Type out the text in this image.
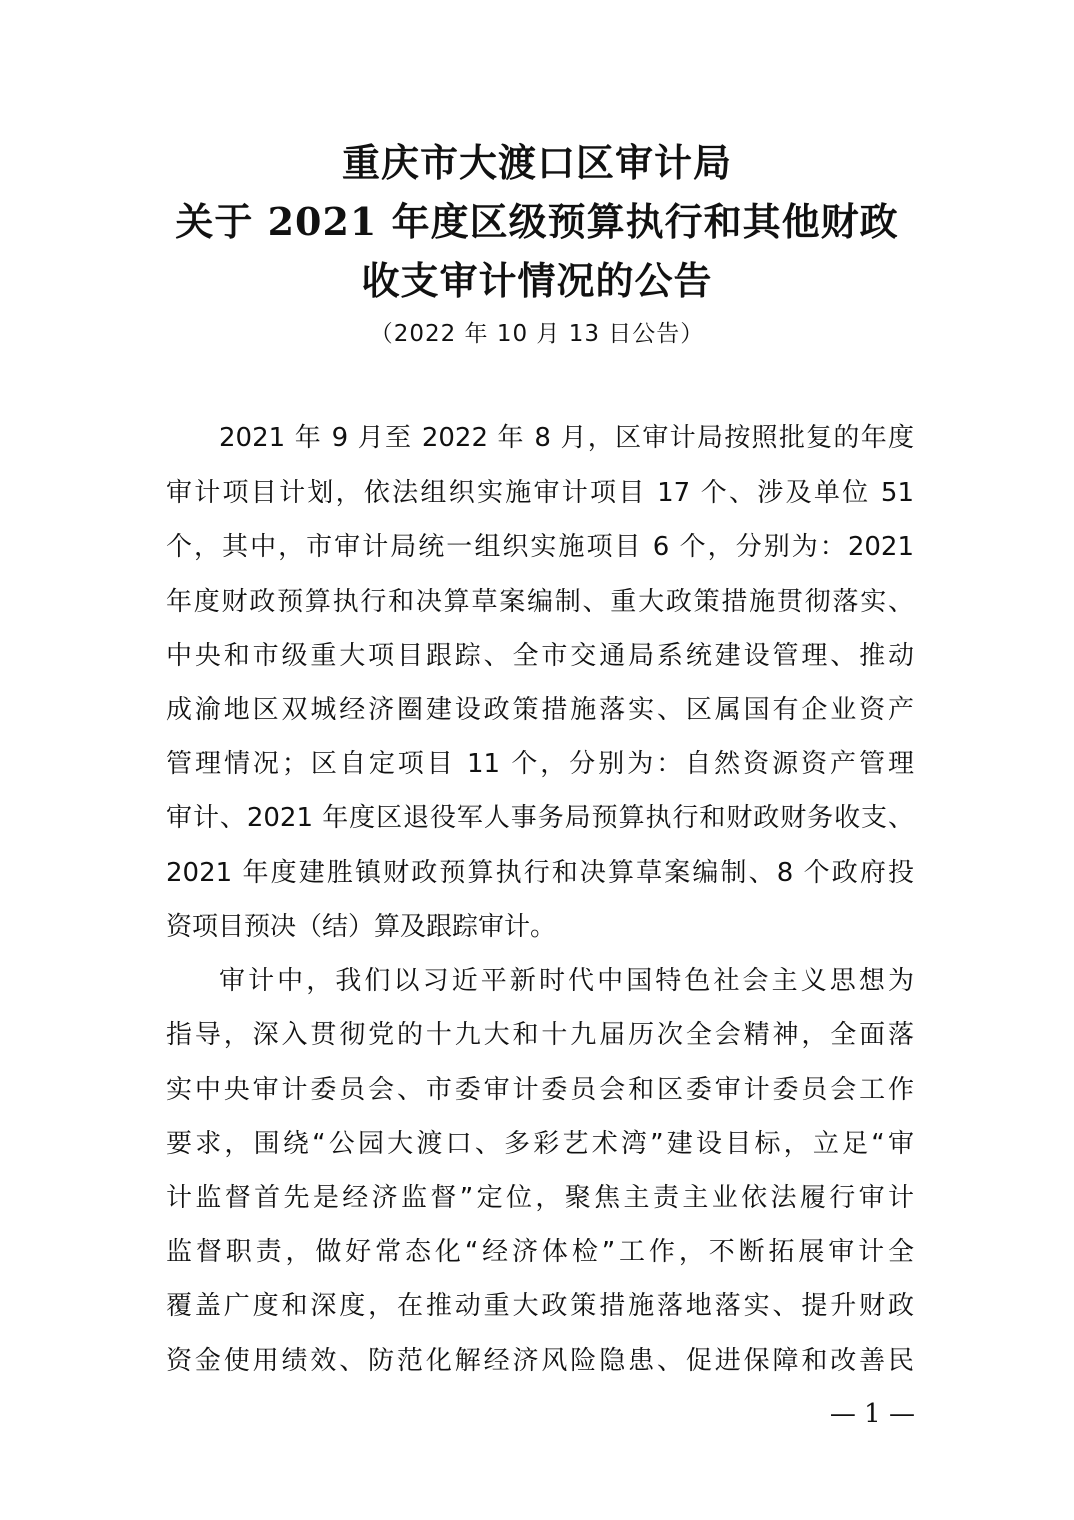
重庆市大渡口区审计局
关于 2021 年度区级预算执行和其他财政
收支审计情况的公告
（2022 年 10 月 13 日公告）
2021 年 9 月至 2022 年 8 月，区审计局按照批复的年度
审计项目计划，依法组织实施审计项目 17 个、涉及单位 51
个，其中，市审计局统一组织实施项目 6 个，分别为：2021
年度财政预算执行和决算草案编制、重大政策措施贯彻落实、
中央和市级重大项目跟踪、全市交通局系统建设管理、推动
成渝地区双城经济圈建设政策措施落实、区属国有企业资产
管理情况；区自定项目 11 个，分别为：自然资源资产管理
审计、2021 年度区退役军人事务局预算执行和财政财务收支、
2021 年度建胜镇财政预算执行和决算草案编制、8 个政府投
资项目预决（结）算及跟踪审计。
审计中，我们以习近平新时代中国特色社会主义思想为
指导，深入贯彻党的十九大和十九届历次全会精神，全面落
实中央审计委员会、市委审计委员会和区委审计委员会工作
要求，围绕“公园大渡口、多彩艺术湾”建设目标，立足“审
计监督首先是经济监督”定位，聚焦主责主业依法履行审计
监督职责，做好常态化“经济体检”工作，不断拓展审计全
覆盖广度和深度，在推动重大政策措施落地落实、提升财政
资金使用绩效、防范化解经济风险隐患、促进保障和改善民
— 1 —
